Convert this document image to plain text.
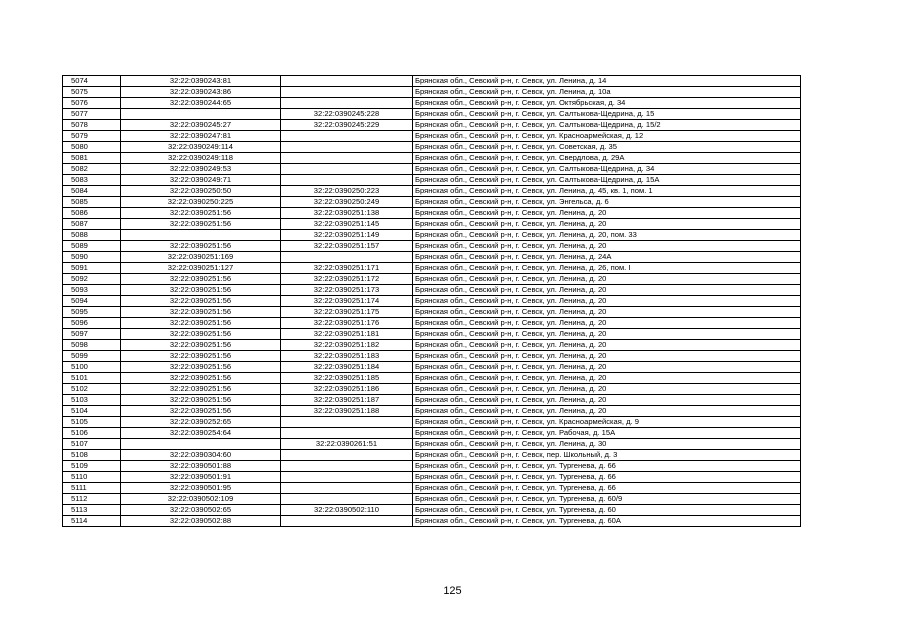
5074	32:22:0390243:81		Брянская обл., Севский р-н, г. Севск, ул. Ленина, д. 14
5075	32:22:0390243:86		Брянская обл., Севский р-н, г. Севск, ул. Ленина, д. 10а
5076	32:22:0390244:65		Брянская обл., Севский р-н, г. Севск, ул. Октябрьская, д. 34
5077		32:22:0390245:228	Брянская обл., Севский р-н, г. Севск, ул. Салтыкова-Щедрина, д. 15
5078	32:22:0390245:27	32:22:0390245:229	Брянская обл., Севский р-н, г. Севск, ул. Салтыкова-Щедрина, д. 15/2
5079	32:22:0390247:81		Брянская обл., Севский р-н, г. Севск, ул. Красноармейская, д. 12
5080	32:22:0390249:114		Брянская обл., Севский р-н, г. Севск, ул. Советская, д. 35
5081	32:22:0390249:118		Брянская обл., Севский р-н, г. Севск, ул. Свердлова, д. 29А
5082	32:22:0390249:53		Брянская обл., Севский р-н, г. Севск, ул. Салтыкова-Щедрина, д. 34
5083	32:22:0390249:71		Брянская обл., Севский р-н, г. Севск, ул. Салтыкова-Щедрина, д. 15А
5084	32:22:0390250:50	32:22:0390250:223	Брянская обл., Севский р-н, г. Севск, ул. Ленина, д. 45, кв. 1, пом. 1
5085	32:22:0390250:225	32:22:0390250:249	Брянская обл., Севский р-н, г. Севск, ул. Энгельса, д. 6
5086	32:22:0390251:56	32:22:0390251:138	Брянская обл., Севский р-н, г. Севск, ул. Ленина, д. 20
5087	32:22:0390251:56	32:22:0390251:145	Брянская обл., Севский р-н, г. Севск, ул. Ленина, д. 20
5088		32:22:0390251:149	Брянская обл., Севский р-н, г. Севск, ул. Ленина, д. 20, пом. 33
5089	32:22:0390251:56	32:22:0390251:157	Брянская обл., Севский р-н, г. Севск, ул. Ленина, д. 20
5090	32:22:0390251:169		Брянская обл., Севский р-н, г. Севск, ул. Ленина, д. 24А
5091	32:22:0390251:127	32:22:0390251:171	Брянская обл., Севский р-н, г. Севск, ул. Ленина, д. 26, пом. I
5092	32:22:0390251:56	32:22:0390251:172	Брянская обл., Севский р-н, г. Севск, ул. Ленина, д. 20
5093	32:22:0390251:56	32:22:0390251:173	Брянская обл., Севский р-н, г. Севск, ул. Ленина, д. 20
5094	32:22:0390251:56	32:22:0390251:174	Брянская обл., Севский р-н, г. Севск, ул. Ленина, д. 20
5095	32:22:0390251:56	32:22:0390251:175	Брянская обл., Севский р-н, г. Севск, ул. Ленина, д. 20
5096	32:22:0390251:56	32:22:0390251:176	Брянская обл., Севский р-н, г. Севск, ул. Ленина, д. 20
5097	32:22:0390251:56	32:22:0390251:181	Брянская обл., Севский р-н, г. Севск, ул. Ленина, д. 20
5098	32:22:0390251:56	32:22:0390251:182	Брянская обл., Севский р-н, г. Севск, ул. Ленина, д. 20
5099	32:22:0390251:56	32:22:0390251:183	Брянская обл., Севский р-н, г. Севск, ул. Ленина, д. 20
5100	32:22:0390251:56	32:22:0390251:184	Брянская обл., Севский р-н, г. Севск, ул. Ленина, д. 20
5101	32:22:0390251:56	32:22:0390251:185	Брянская обл., Севский р-н, г. Севск, ул. Ленина, д. 20
5102	32:22:0390251:56	32:22:0390251:186	Брянская обл., Севский р-н, г. Севск, ул. Ленина, д. 20
5103	32:22:0390251:56	32:22:0390251:187	Брянская обл., Севский р-н, г. Севск, ул. Ленина, д. 20
5104	32:22:0390251:56	32:22:0390251:188	Брянская обл., Севский р-н, г. Севск, ул. Ленина, д. 20
5105	32:22:0390252:65		Брянская обл., Севский р-н, г. Севск, ул. Красноармейская, д. 9
5106	32:22:0390254:64		Брянская обл., Севский р-н, г. Севск, ул. Рабочая, д. 15А
5107		32:22:0390261:51	Брянская обл., Севский р-н, г. Севск, ул. Ленина, д. 30
5108	32:22:0390304:60		Брянская обл., Севский р-н, г. Севск, пер. Школьный, д. 3
5109	32:22:0390501:88		Брянская обл., Севский р-н, г. Севск, ул. Тургенева, д. 66
5110	32:22:0390501:91		Брянская обл., Севский р-н, г. Севск, ул. Тургенева, д. 66
5111	32:22:0390501:95		Брянская обл., Севский р-н, г. Севск, ул. Тургенева, д. 66
5112	32:22:0390502:109		Брянская обл., Севский р-н, г. Севск, ул. Тургенева, д. 60/9
5113	32:22:0390502:65	32:22:0390502:110	Брянская обл., Севский р-н, г. Севск, ул. Тургенева, д. 60
5114	32:22:0390502:88		Брянская обл., Севский р-н, г. Севск, ул. Тургенева, д. 60А
125
